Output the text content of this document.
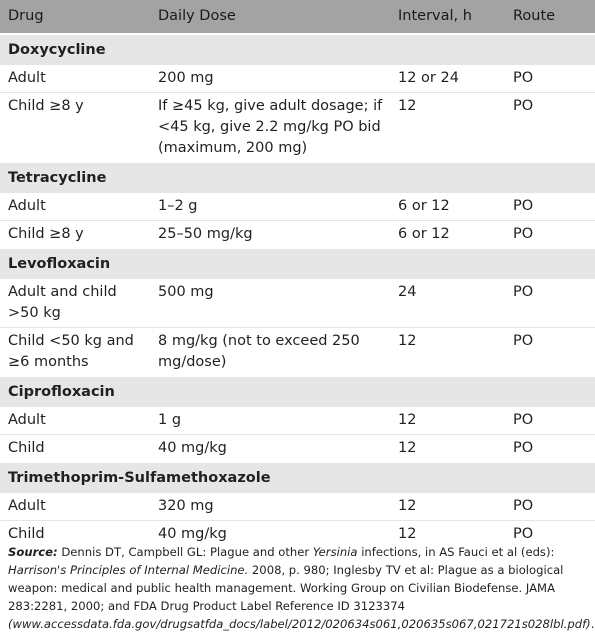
Drug	Daily Dose	Interval, h	Route
Doxycycline			
Adult	200 mg	12 or 24	PO
Child ≥8 y	If ≥45 kg, give adult dosage; if <45 kg, give 2.2 mg/kg PO bid (maximum, 200 mg)	12	PO
Tetracycline			
Adult	1–2 g	6 or 12	PO
Child ≥8 y	25–50 mg/kg	6 or 12	PO
Levofloxacin			
Adult and child >50 kg	500 mg	24	PO
Child <50 kg and ≥6 months	8 mg/kg (not to exceed 250 mg/dose)	12	PO
Ciprofloxacin			
Adult	1 g	12	PO
Child	40 mg/kg	12	PO
Trimethoprim-Sulfamethoxazole			
Adult	320 mg	12	PO
Child	40 mg/kg	12	PO
Source: Dennis DT, Campbell GL: Plague and other Yersinia infections, in AS Fauci et al (eds): Harrison's Principles of Internal Medicine. 2008, p. 980; Inglesby TV et al: Plague as a biological weapon: medical and public health management. Working Group on Civilian Biodefense. JAMA 283:2281, 2000; and FDA Drug Product Label Reference ID 3123374 (www.accessdata.fda.gov/drugsatfda_docs/label/2012/020634s061,020635s067,021721s028lbl.pdf).
